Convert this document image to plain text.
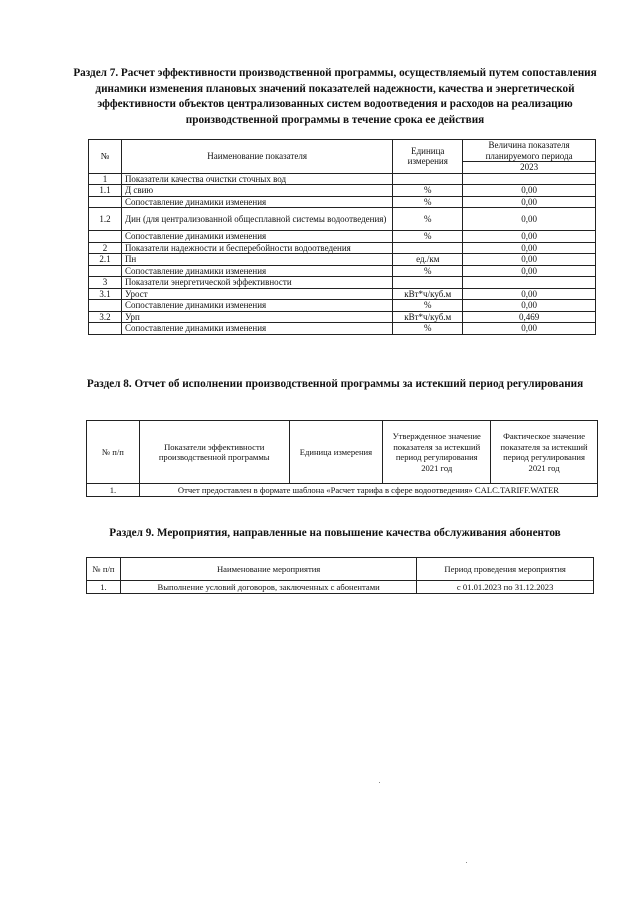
Раздел 7. Расчет эффективности производственной программы, осуществляемый путем сопоставления динамики изменения плановых значений показателей надежности, качества и энергетической эффективности объектов централизованных систем водоотведения и расходов на реализацию производственной программы в течение срока ее действия

№	Наименование показателя	Единица измерения	Величина показателя планируемого периода
			2023
1	Показатели качества очистки сточных вод		
1.1	Д свию	%	0,00
	Сопоставление динамики изменения	%	0,00
1.2	Дин (для централизованной общесплавной системы водоотведения)	%	0,00
	Сопоставление динамики изменения	%	0,00
2	Показатели надежности и бесперебойности водоотведения		0,00
2.1	Пн	ед./км	0,00
	Сопоставление динамики изменения	%	0,00
3	Показатели энергетической эффективности		
3.1	Урост	кВт*ч/куб.м	0,00
	Сопоставление динамики изменения	%	0,00
3.2	Урп	кВт*ч/куб.м	0,469
	Сопоставление динамики изменения	%	0,00

Раздел 8. Отчет об исполнении производственной программы за истекший период регулирования

№ п/п	Показатели эффективности производственной программы	Единица измерения	Утвержденное значение показателя за истекший период регулирования 2021 год	Фактическое значение показателя за истекший период регулирования 2021 год
1.	Отчет предоставлен в формате шаблона «Расчет тарифа в сфере водоотведения» CALC.TARIFF.WATER			

Раздел 9. Мероприятия, направленные на повышение качества обслуживания абонентов

№ п/п	Наименование мероприятия	Период проведения мероприятия
1.	Выполнение условий договоров, заключенных с абонентами	с 01.01.2023 по 31.12.2023
